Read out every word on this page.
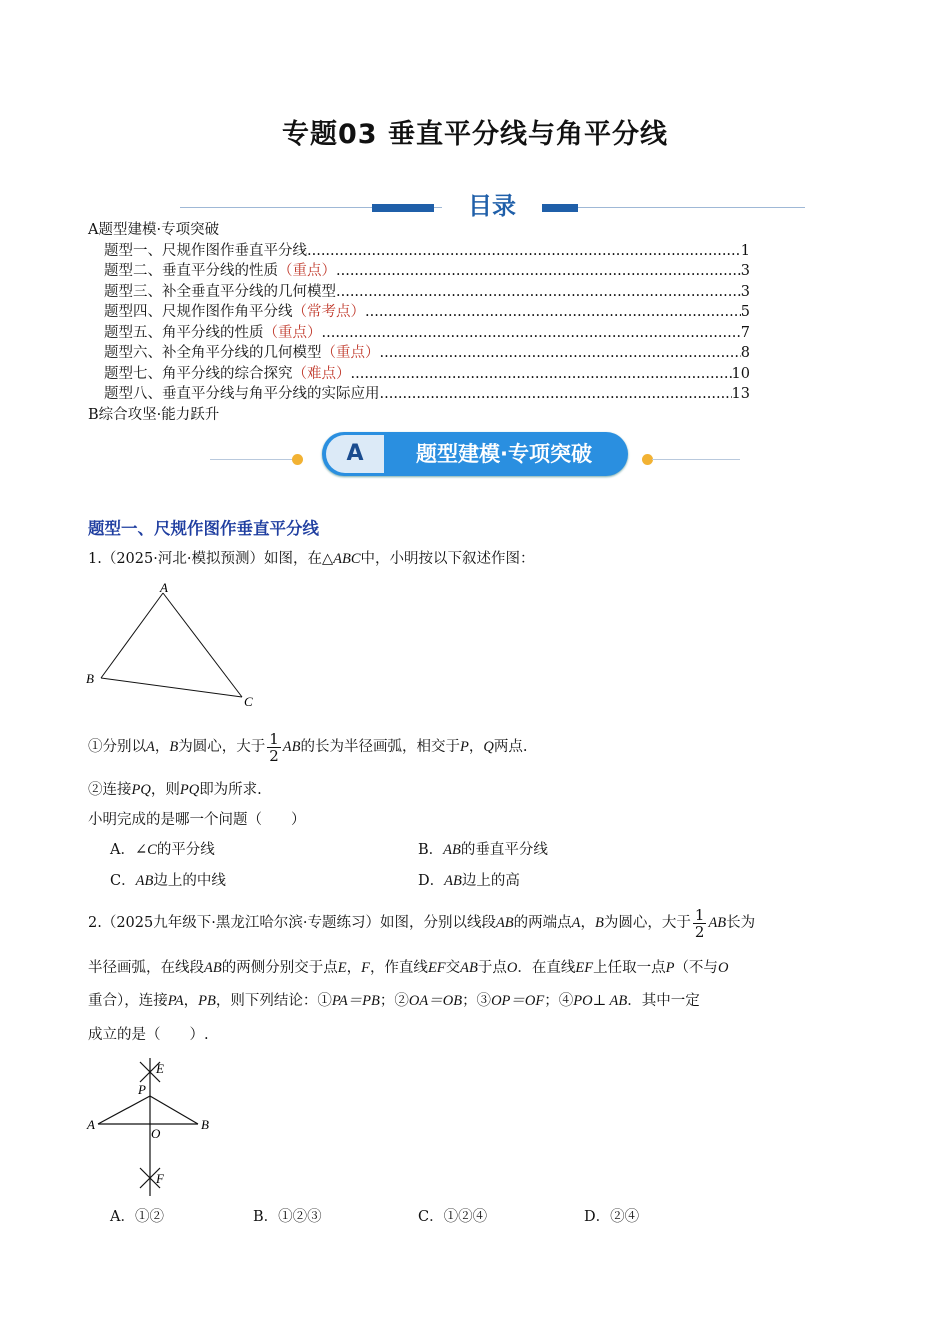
专题03 垂直平分线与角平分线
目录
A题型建模·专项突破
题型一、尺规作图作垂直平分线 .....	1
题型二、垂直平分线的性质 （重点） .....	3
题型三、补全垂直平分线的几何模型 .....	3
题型四、尺规作图作角平分线 （常考点） .....	5
题型五、角平分线的性质 （重点） .....	7
题型六、补全角平分线的几何模型 （重点） .....	8
题型七、角平分线的综合探究 （难点） .....	10
题型八、垂直平分线与角平分线的实际应用 .....	13
B综合攻坚·能力跃升
A	题型建模·专项突破
题型一、尺规作图作垂直平分线
1.（2025·河北·模拟预测）如图，在△ABC中，小明按以下叙述作图：
A
B
C
①分别以A，B为圆心，大于 $\frac{1}{2}$ AB的长为半径画弧，相交于P，Q两点.
②连接PQ，则PQ即为所求.
小明完成的是哪一个问题（　　）
A．∠C的平分线	B．AB的垂直平分线
C．AB边上的中线	D．AB边上的高
2.（2025九年级下·黑龙江哈尔滨·专题练习）如图，分别以线段AB的两端点A，B为圆心，大于 $\frac{1}{2}$ AB长为
半径画弧，在线段AB的两侧分别交于点E，F，作直线EF交AB于点O．在直线EF上任取一点P（不与O
重合），连接PA，PB，则下列结论：①PA＝PB；②OA＝OB；③OP＝OF；④PO⊥ AB．其中一定
成立的是（　　）.
E
P
A
O
B
F
A．①②	B．①②③	C．①②④	D．②④
